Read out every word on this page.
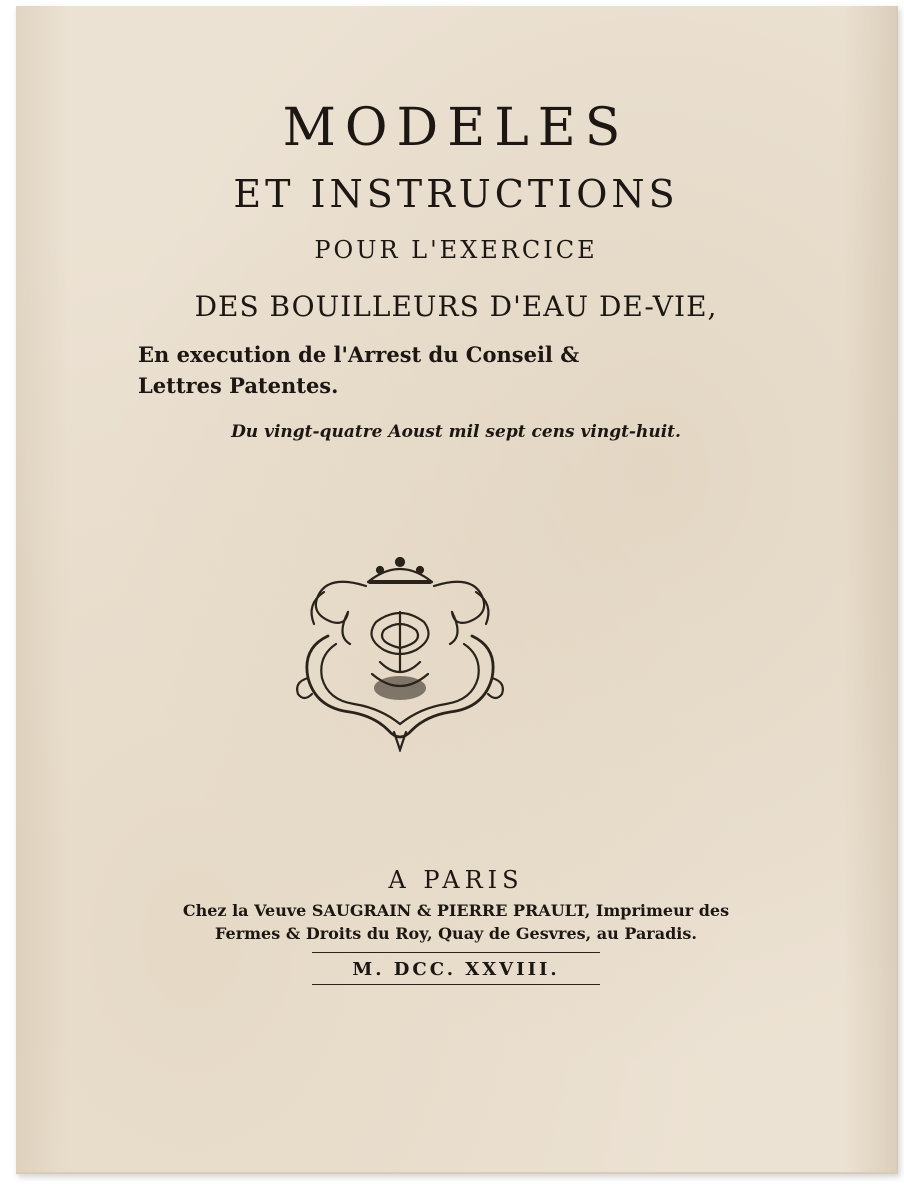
MODELES
ET INSTRUCTIONS
POUR L'EXERCICE
DES BOUILLEURS D'EAU DE-VIE,
En execution de l'Arrest du Conseil &
Lettres Patentes.
Du vingt-quatre Aoust mil sept cens vingt-huit.
A PARIS
Chez la Veuve SAUGRAIN & PIERRE PRAULT, Imprimeur des
Fermes & Droits du Roy, Quay de Gesvres, au Paradis.
M. DCC. XXVIII.
